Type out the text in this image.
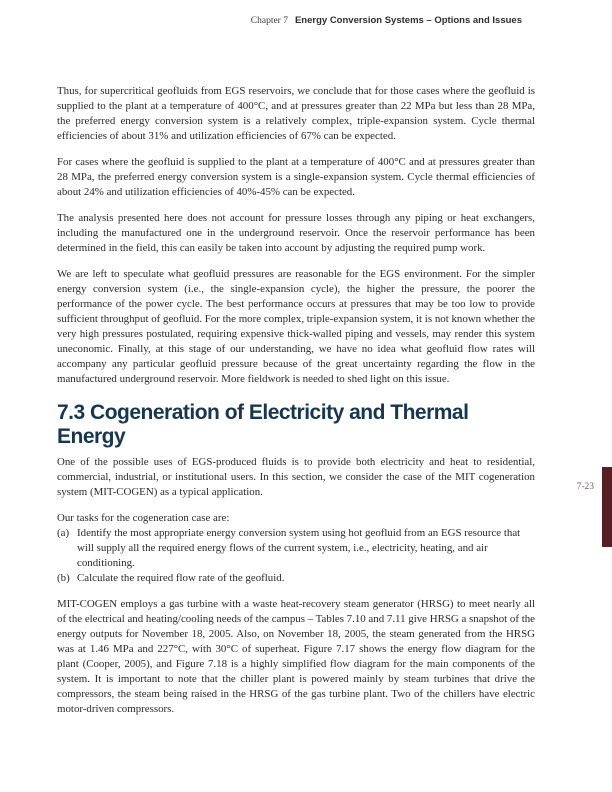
Chapter 7 Energy Conversion Systems – Options and Issues

Thus, for supercritical geofluids from EGS reservoirs, we conclude that for those cases where the geofluid is supplied to the plant at a temperature of 400°C, and at pressures greater than 22 MPa but less than 28 MPa, the preferred energy conversion system is a relatively complex, triple-expansion system. Cycle thermal efficiencies of about 31% and utilization efficiencies of 67% can be expected.

For cases where the geofluid is supplied to the plant at a temperature of 400°C and at pressures greater than 28 MPa, the preferred energy conversion system is a single-expansion system. Cycle thermal efficiencies of about 24% and utilization efficiencies of 40%-45% can be expected.

The analysis presented here does not account for pressure losses through any piping or heat exchangers, including the manufactured one in the underground reservoir. Once the reservoir performance has been determined in the field, this can easily be taken into account by adjusting the required pump work.

We are left to speculate what geofluid pressures are reasonable for the EGS environment. For the simpler energy conversion system (i.e., the single-expansion cycle), the higher the pressure, the poorer the performance of the power cycle. The best performance occurs at pressures that may be too low to provide sufficient throughput of geofluid. For the more complex, triple-expansion system, it is not known whether the very high pressures postulated, requiring expensive thick-walled piping and vessels, may render this system uneconomic. Finally, at this stage of our understanding, we have no idea what geofluid flow rates will accompany any particular geofluid pressure because of the great uncertainty regarding the flow in the manufactured underground reservoir. More fieldwork is needed to shed light on this issue.

7.3 Cogeneration of Electricity and Thermal Energy

One of the possible uses of EGS-produced fluids is to provide both electricity and heat to residential, commercial, industrial, or institutional users. In this section, we consider the case of the MIT cogeneration system (MIT-COGEN) as a typical application.

Our tasks for the cogeneration case are:

(a) Identify the most appropriate energy conversion system using hot geofluid from an EGS resource that will supply all the required energy flows of the current system, i.e., electricity, heating, and air conditioning.
(b) Calculate the required flow rate of the geofluid.

MIT-COGEN employs a gas turbine with a waste heat-recovery steam generator (HRSG) to meet nearly all of the electrical and heating/cooling needs of the campus – Tables 7.10 and 7.11 give HRSG a snapshot of the energy outputs for November 18, 2005. Also, on November 18, 2005, the steam generated from the HRSG was at 1.46 MPa and 227°C, with 30°C of superheat. Figure 7.17 shows the energy flow diagram for the plant (Cooper, 2005), and Figure 7.18 is a highly simplified flow diagram for the main components of the system. It is important to note that the chiller plant is powered mainly by steam turbines that drive the compressors, the steam being raised in the HRSG of the gas turbine plant. Two of the chillers have electric motor-driven compressors.

7-23
